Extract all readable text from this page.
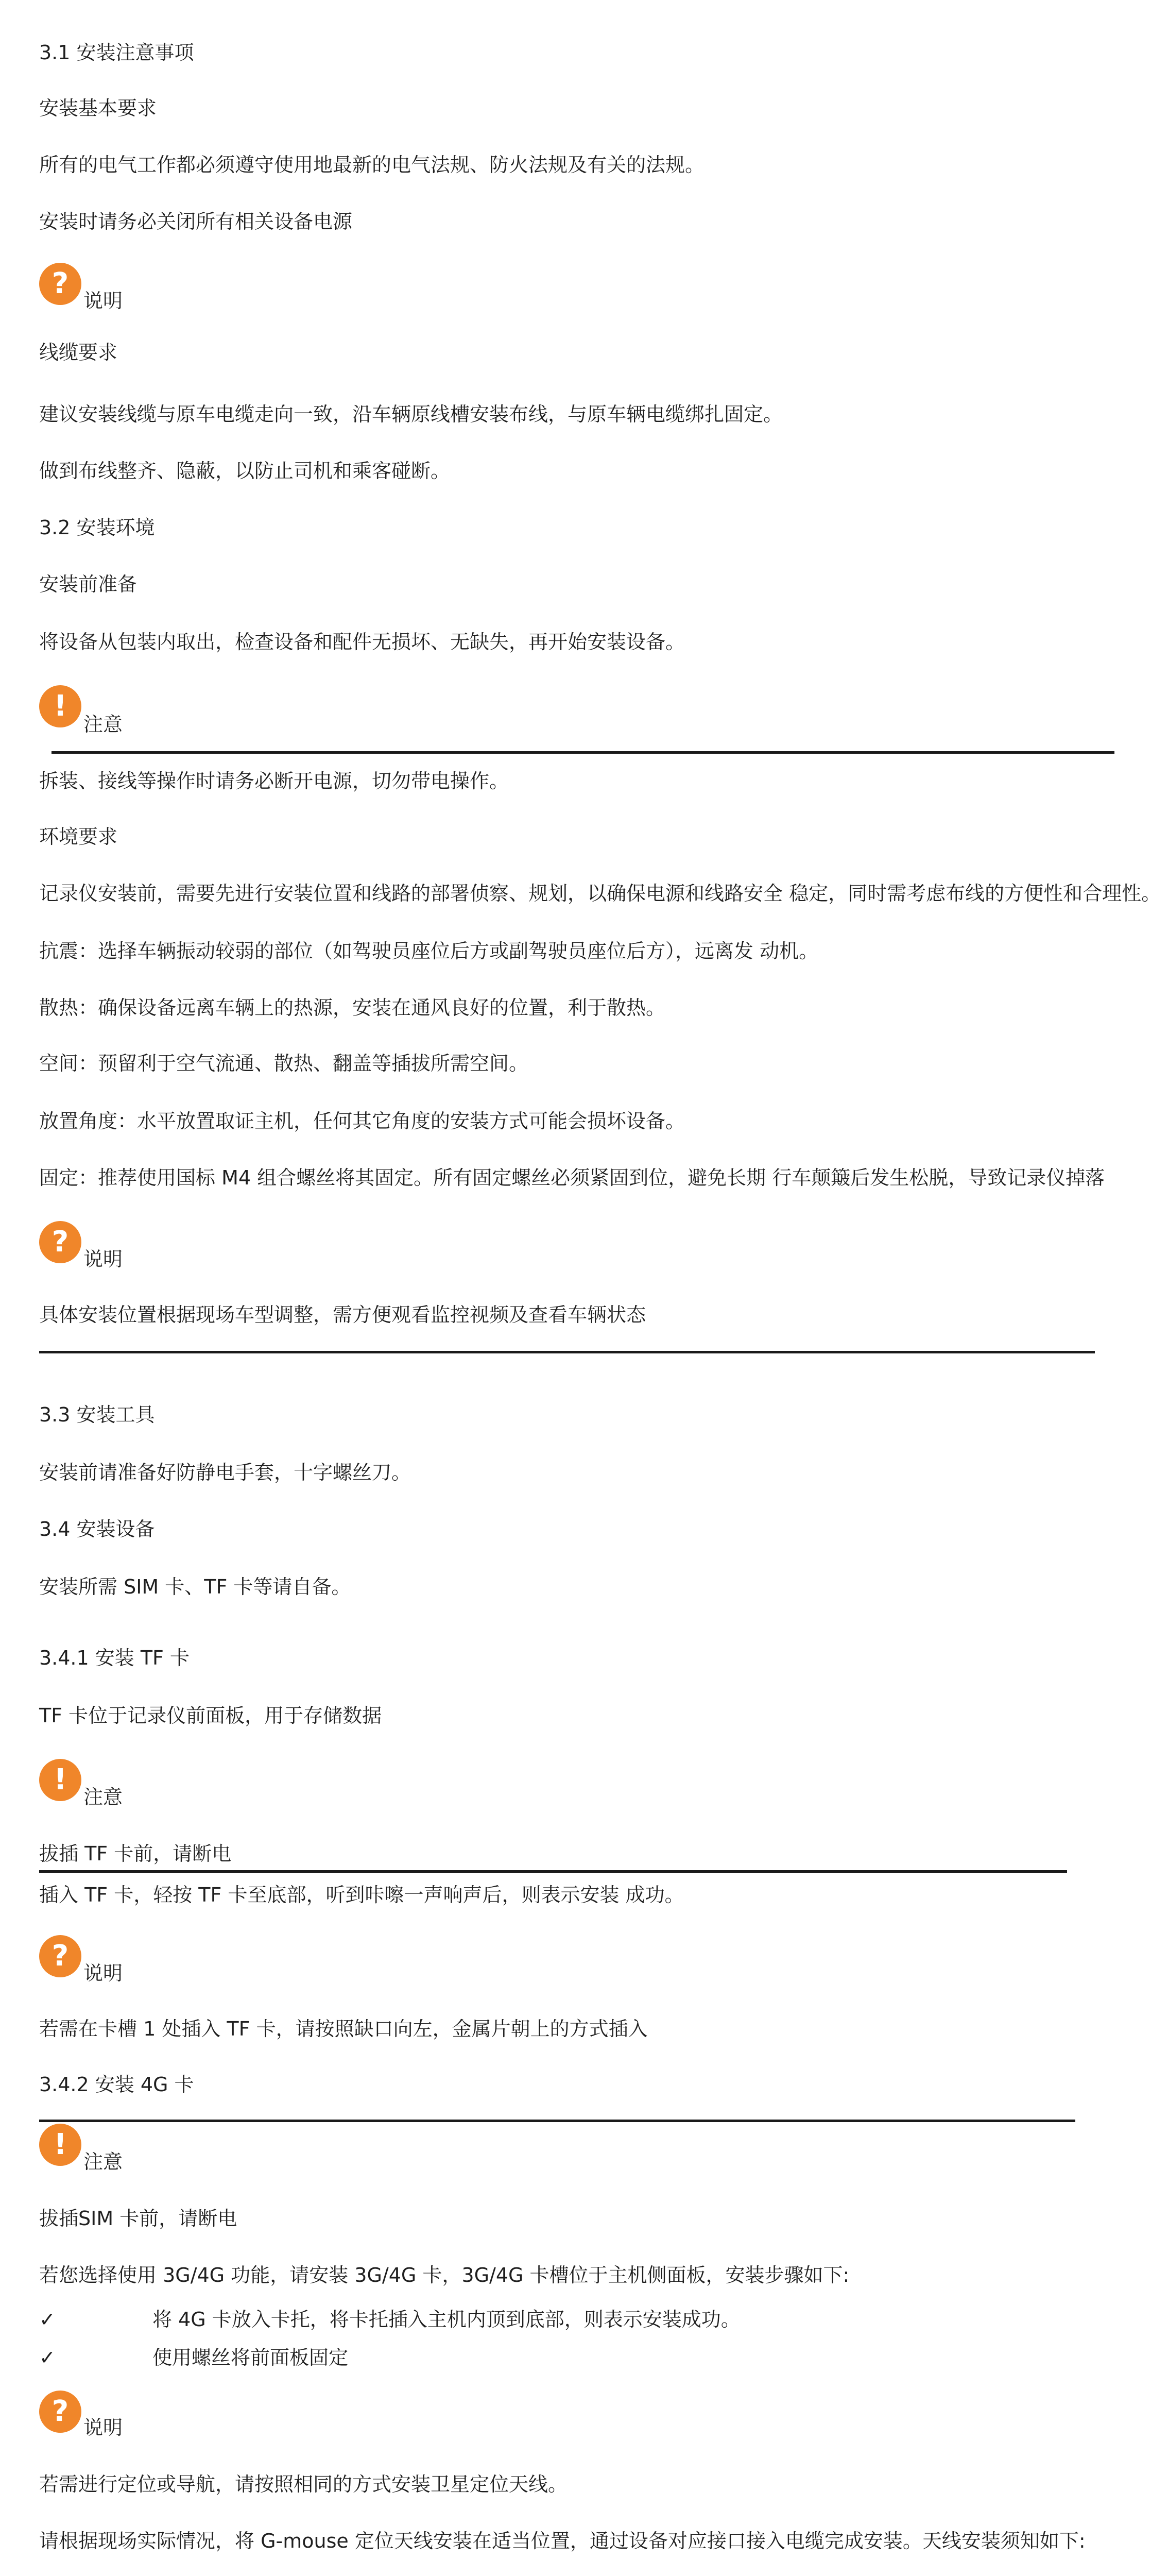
3.1 安装注意事项
安装基本要求
所有的电气工作都必须遵守使用地最新的电气法规、防火法规及有关的法规。
安装时请务必关闭所有相关设备电源
?
说明
线缆要求
建议安装线缆与原车电缆走向一致，沿车辆原线槽安装布线，与原车辆电缆绑扎固定。
做到布线整齐、隐蔽，以防止司机和乘客碰断。
3.2 安装环境
安装前准备
将设备从包装内取出，检查设备和配件无损坏、无缺失，再开始安装设备。
!
注意
拆装、接线等操作时请务必断开电源，切勿带电操作。
环境要求
记录仪安装前，需要先进行安装位置和线路的部署侦察、规划，以确保电源和线路安全 稳定，同时需考虑布线的方便性和合理性。
抗震：选择车辆振动较弱的部位（如驾驶员座位后方或副驾驶员座位后方），远离发 动机。
散热：确保设备远离车辆上的热源，安装在通风良好的位置，利于散热。
空间：预留利于空气流通、散热、翻盖等插拔所需空间。
放置角度：水平放置取证主机，任何其它角度的安装方式可能会损坏设备。
固定：推荐使用国标 M4 组合螺丝将其固定。所有固定螺丝必须紧固到位，避免长期 行车颠簸后发生松脱，导致记录仪掉落
?
说明
具体安装位置根据现场车型调整，需方便观看监控视频及查看车辆状态
3.3 安装工具
安装前请准备好防静电手套，十字螺丝刀。
3.4 安装设备
安装所需 SIM 卡、TF 卡等请自备。
3.4.1 安装 TF 卡
TF 卡位于记录仪前面板，用于存储数据
!
注意
拔插 TF 卡前，请断电
插入 TF 卡，轻按 TF 卡至底部，听到咔嚓一声响声后，则表示安装 成功。
?
说明
若需在卡槽 1 处插入 TF 卡，请按照缺口向左，金属片朝上的方式插入
3.4.2 安装 4G 卡
!
注意
拔插SIM 卡前，请断电
若您选择使用 3G/4G 功能，请安装 3G/4G 卡，3G/4G 卡槽位于主机侧面板，安装步骤如下:
✓	将 4G 卡放入卡托，将卡托插入主机内顶到底部，则表示安装成功。
✓	使用螺丝将前面板固定
? 说明
若需进行定位或导航，请按照相同的方式安装卫星定位天线。
请根据现场实际情况，将 G-mouse 定位天线安装在适当位置，通过设备对应接口接入电缆完成安装。天线安装须知如下:
